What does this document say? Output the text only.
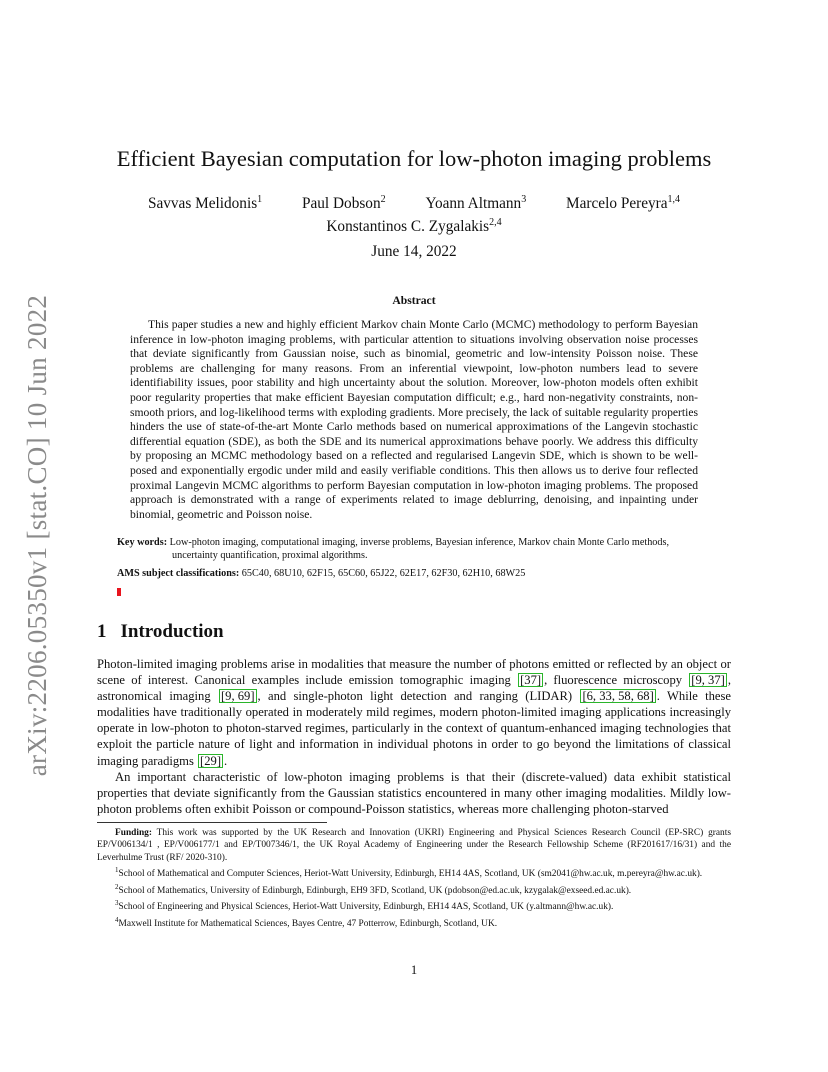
arXiv:2206.05350v1 [stat.CO] 10 Jun 2022
Efficient Bayesian computation for low-photon imaging problems
Savvas Melidonis$^1$	Paul Dobson$^2$	Yoann Altmann$^3$	Marcelo Pereyra$^{1,4}$
Konstantinos C. Zygalakis$^{2,4}$
June 14, 2022
Abstract

This paper studies a new and highly efficient Markov chain Monte Carlo (MCMC) methodology to perform Bayesian inference in low-photon imaging problems, with particular attention to situations involving observation noise processes that deviate significantly from Gaussian noise, such as binomial, geometric and low-intensity Poisson noise. These problems are challenging for many reasons. From an inferential viewpoint, low-photon numbers lead to severe identifiability issues, poor stability and high uncertainty about the solution. Moreover, low-photon models often exhibit poor regularity properties that make efficient Bayesian computation difficult; e.g., hard non-negativity constraints, non-smooth priors, and log-likelihood terms with exploding gradients. More precisely, the lack of suitable regularity properties hinders the use of state-of-the-art Monte Carlo methods based on numerical approximations of the Langevin stochastic differential equation (SDE), as both the SDE and its numerical approximations behave poorly. We address this difficulty by proposing an MCMC methodology based on a reflected and regularised Langevin SDE, which is shown to be well-posed and exponentially ergodic under mild and easily verifiable conditions. This then allows us to derive four reflected proximal Langevin MCMC algorithms to perform Bayesian computation in low-photon imaging problems. The proposed approach is demonstrated with a range of experiments related to image deblurring, denoising, and inpainting under binomial, geometric and Poisson noise.

Key words: Low-photon imaging, computational imaging, inverse problems, Bayesian inference, Markov chain Monte Carlo methods,
uncertainty quantification, proximal algorithms.
AMS subject classifications: 65C40, 68U10, 62F15, 65C60, 65J22, 62E17, 62F30, 62H10, 68W25
1 Introduction

Photon-limited imaging problems arise in modalities that measure the number of photons emitted or reflected by an object or scene of interest. Canonical examples include emission tomographic imaging [37] , fluorescence microscopy [9, 37] , astronomical imaging [9, 69] , and single-photon light detection and ranging (LIDAR) [6, 33, 58, 68] . While these modalities have traditionally operated in moderately mild regimes, modern photon-limited imaging applications increasingly operate in low-photon to photon-starved regimes, particularly in the context of quantum-enhanced imaging technologies that exploit the particle nature of light and information in individual photons in order to go beyond the limitations of classical imaging paradigms [29] .

An important characteristic of low-photon imaging problems is that their (discrete-valued) data exhibit statistical properties that deviate significantly from the Gaussian statistics encountered in many other imaging modalities. Mildly low-photon problems often exhibit Poisson or compound-Poisson statistics, whereas more challenging photon-starved

Funding: This work was supported by the UK Research and Innovation (UKRI) Engineering and Physical Sciences Research Council (EP-SRC) grants EP/V006134/1 , EP/V006177/1 and EP/T007346/1, the UK Royal Academy of Engineering under the Research Fellowship Scheme (RF201617/16/31) and the Leverhulme Trust (RF/ 2020-310).

$^1$School of Mathematical and Computer Sciences, Heriot-Watt University, Edinburgh, EH14 4AS, Scotland, UK (sm2041@hw.ac.uk, m.pereyra@hw.ac.uk).

$^2$School of Mathematics, University of Edinburgh, Edinburgh, EH9 3FD, Scotland, UK (pdobson@ed.ac.uk, kzygalak@exseed.ed.ac.uk).

$^3$School of Engineering and Physical Sciences, Heriot-Watt University, Edinburgh, EH14 4AS, Scotland, UK (y.altmann@hw.ac.uk).

$^4$Maxwell Institute for Mathematical Sciences, Bayes Centre, 47 Potterrow, Edinburgh, Scotland, UK.

1
